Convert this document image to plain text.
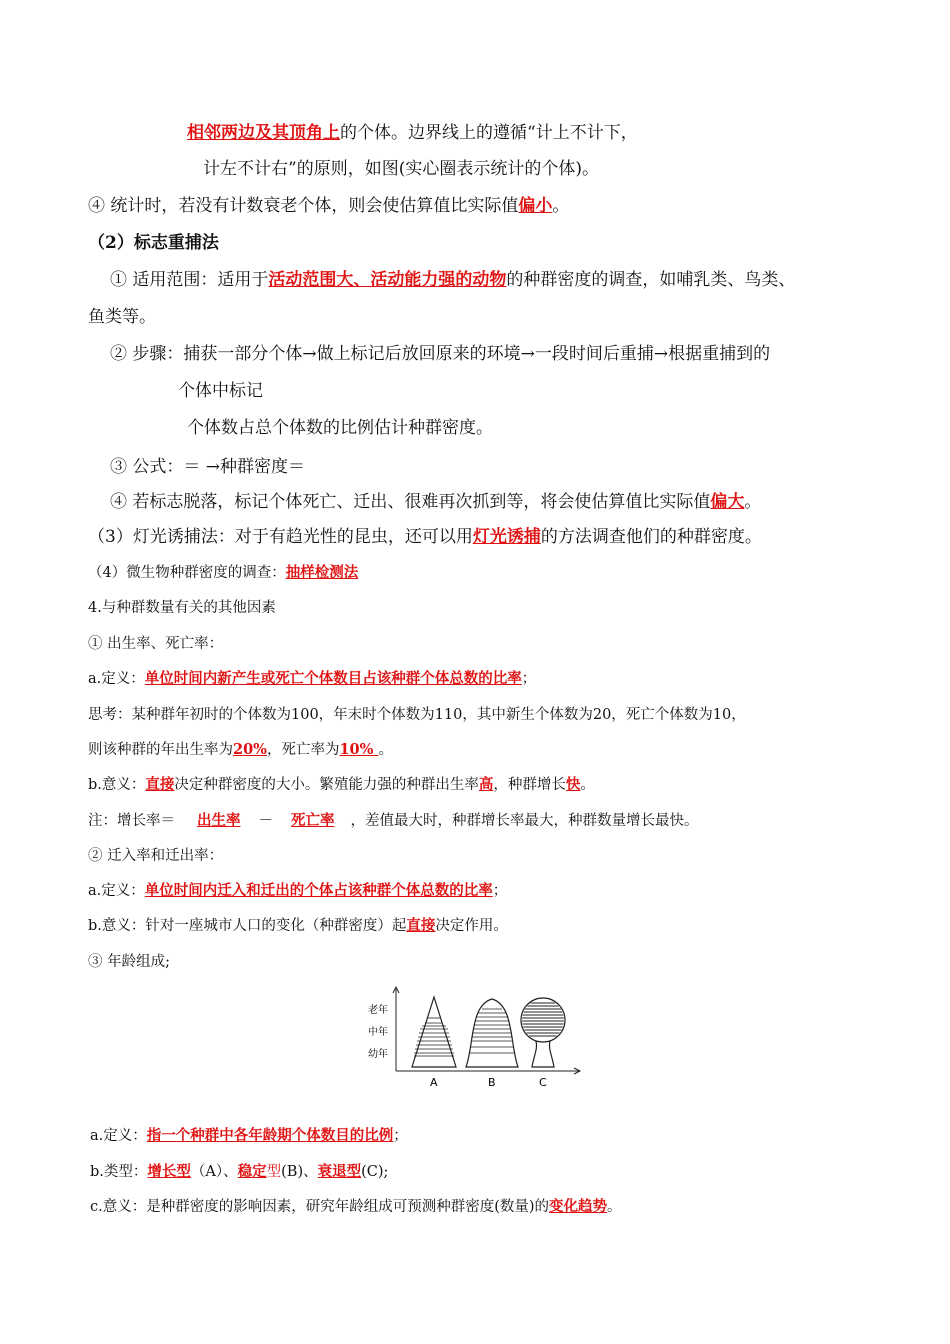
相邻两边及其顶角上的个体。边界线上的遵循“计上不计下，
计左不计右”的原则，如图(实心圈表示统计的个体)。
④ 统计时，若没有计数衰老个体，则会使估算值比实际值偏小。
（2）标志重捕法
① 适用范围：适用于活动范围大、活动能力强的动物的种群密度的调查，如哺乳类、鸟类、
鱼类等。
② 步骤：捕获一部分个体→做上标记后放回原来的环境→一段时间后重捕→根据重捕到的
个体中标记
个体数占总个体数的比例估计种群密度。
③ 公式：＝ →种群密度＝
④ 若标志脱落，标记个体死亡、迁出、很难再次抓到等，将会使估算值比实际值偏大。
（3）灯光诱捕法：对于有趋光性的昆虫，还可以用灯光诱捕的方法调查他们的种群密度。
（4）微生物种群密度的调查：抽样检测法
4.与种群数量有关的其他因素
① 出生率、死亡率：
a.定义：单位时间内新产生或死亡个体数目占该种群个体总数的比率；
思考：某种群年初时的个体数为100，年末时个体数为110，其中新生个体数为20，死亡个体数为10，
则该种群的年出生率为20%，死亡率为10% 。
b.意义：直接决定种群密度的大小。繁殖能力强的种群出生率高，种群增长快。
注：增长率＝ 出生率 － 死亡率 ，差值最大时，种群增长率最大，种群数量增长最快。
② 迁入率和迁出率：
a.定义：单位时间内迁入和迁出的个体占该种群个体总数的比率；
b.意义：针对一座城市人口的变化（种群密度）起直接决定作用。
③ 年龄组成;
老年
中年
幼年
A	B	C
a.定义：指一个种群中各年龄期个体数目的比例；
b.类型：增长型（A）、稳定型(B)、衰退型(C);
c.意义：是种群密度的影响因素，研究年龄组成可预测种群密度(数量)的变化趋势。
